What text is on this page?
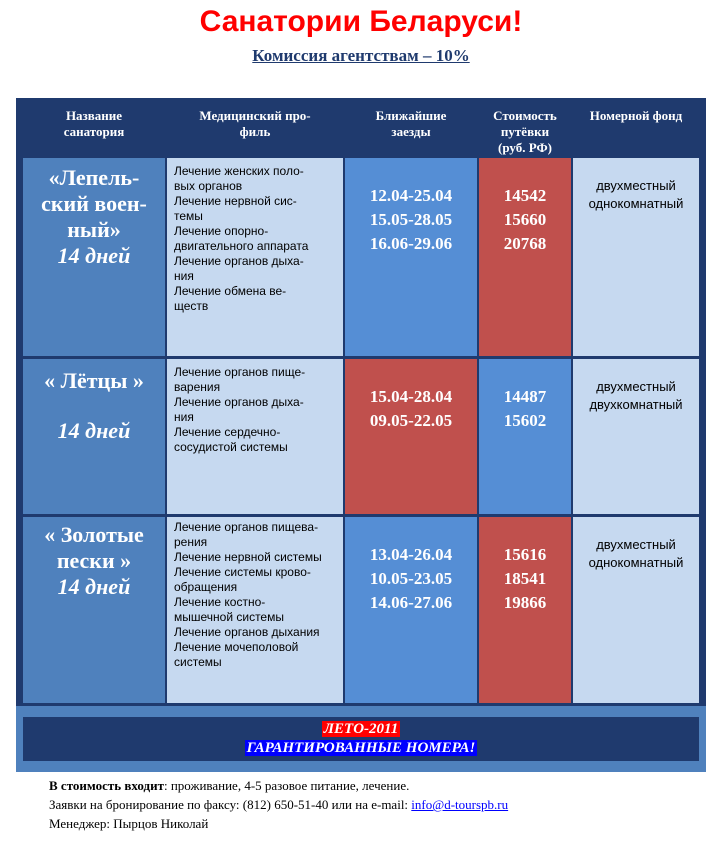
Санатории Беларуси!
Комиссия агентствам – 10%
Название
санатория
Медицинский про-
филь
Ближайшие
заезды
Стоимость
путёвки
(руб. РФ)
Номерной фонд
«Лепель-
ский воен-
ный»
14 дней
Лечение женских поло-
вых органов
Лечение нервной сис-
темы
Лечение опорно-
двигательного аппарата
Лечение органов дыха-
ния
Лечение обмена ве-
ществ
12.04-25.04
15.05-28.05
16.06-29.06
14542
15660
20768
двухместный
однокомнатный
« Лётцы »
14 дней
Лечение органов пище-
варения
Лечение органов дыха-
ния
Лечение сердечно-
сосудистой системы
15.04-28.04
09.05-22.05
14487
15602
двухместный
двухкомнатный
« Золотые
пески »
14 дней
Лечение органов пищева-
рения
Лечение нервной системы
Лечение системы крово-
обращения
Лечение костно-
мышечной системы
Лечение органов дыхания
Лечение мочеполовой
системы
13.04-26.04
10.05-23.05
14.06-27.06
15616
18541
19866
двухместный
однокомнатный
ЛЕТО-2011
ГАРАНТИРОВАННЫЕ НОМЕРА!
В стоимость входит: проживание, 4-5 разовое питание, лечение.
Заявки на бронирование по факсу: (812) 650-51-40 или на e-mail: info@d-tourspb.ru
Менеджер: Пырцов Николай
